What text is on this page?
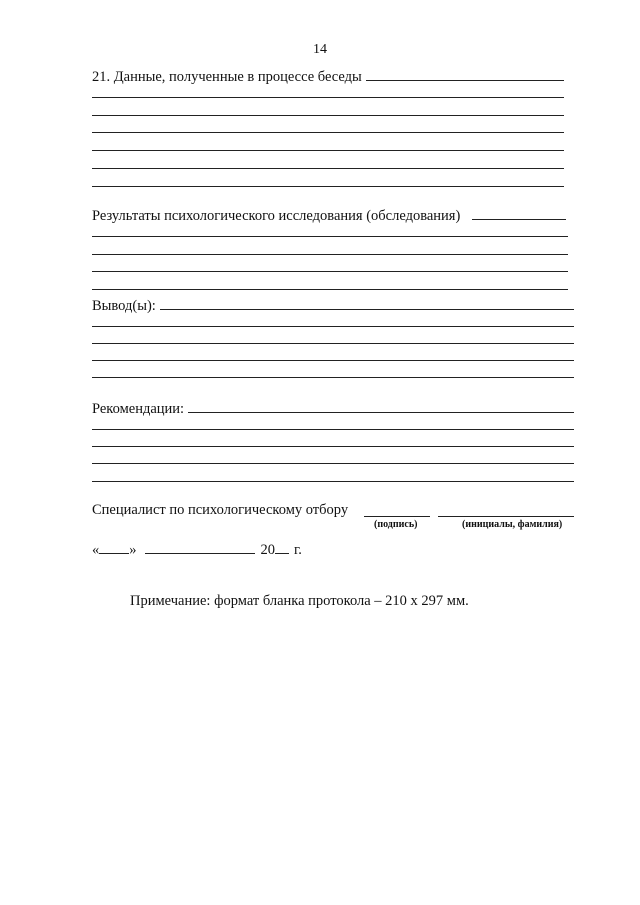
14
21. Данные, полученные в процессе беседы
Результаты психологического исследования (обследования)
Вывод(ы):
Рекомендации:
Специалист по психологическому отбору
(подпись)	(инициалы, фамилия)
« »	20 г.
Примечание: формат бланка протокола – 210 х 297 мм.
